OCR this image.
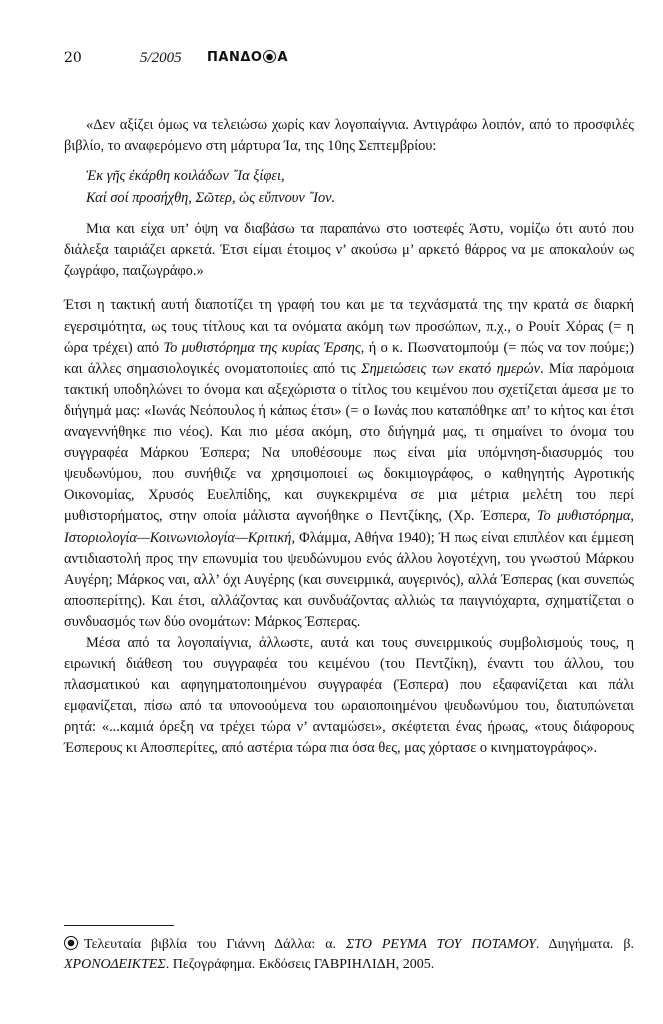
20	5/2005 ΠΑΝΔΟ Α

«Δεν αξίζει όμως να τελειώσω χωρίς καν λογοπαίγνια. Αντιγράφω λοιπόν, από το προσφιλές βιβλίο, το αναφερόμενο στη μάρτυρα Ία, της 10ης Σεπτεμβρίου:

Ἐκ γῆς ἐκάρθη κοιλάδων ῎Ια ξίφει,
Καί σοί προσήχθη, Σῶτερ, ὡς εὔπνουν ῎Ιον.

Μια και είχα υπ’ όψη να διαβάσω τα παραπάνω στο ιοστεφές Άστυ, νομίζω ότι αυτό που διάλεξα ταιριάζει αρκετά. Έτσι είμαι έτοιμος ν’ ακούσω μ’ αρκετό θάρρος να με αποκαλούν ως ζωγράφο, παιζωγράφο.»

Έτσι η τακτική αυτή διαποτίζει τη γραφή του και με τα τεχνάσματά της την κρατά σε διαρκή εγερσιμότητα, ως τους τίτλους και τα ονόματα ακόμη των προσώπων, π.χ., ο Ρουίτ Χόρας (= η ώρα τρέχει) από Το μυθιστόρημα της κυρίας Έρσης, ή ο κ. Πωσνατομπούμ (= πώς να τον πούμε;) και άλλες σημασιολογικές ονοματοποιίες από τις Σημειώσεις των εκατό ημερών. Μία παρόμοια τακτική υποδηλώνει το όνομα και αξεχώριστα ο τίτλος του κειμένου που σχετίζεται άμεσα με το διήγημά μας: «Ιωνάς Νεόπουλος ή κάπως έτσι» (= ο Ιωνάς που καταπόθηκε απ’ το κήτος και έτσι αναγεννήθηκε πιο νέος). Και πιο μέσα ακόμη, στο διήγημά μας, τι σημαίνει το όνομα του συγγραφέα Μάρκου Έσπερα; Να υποθέσουμε πως είναι μία υπόμνηση-διασυρμός του ψευδωνύμου, που συνήθιζε να χρησιμοποιεί ως δοκιμιογράφος, ο καθηγητής Αγροτικής Οικονομίας, Χρυσός Ευελπίδης, και συγκεκριμένα σε μια μέτρια μελέτη του περί μυθιστορήματος, στην οποία μάλιστα αγνοήθηκε ο Πεντζίκης, (Χρ. Έσπερα, Το μυθιστόρημα, Ιστοριολογία—Κοινωνιολογία—Κριτική, Φλάμμα, Αθήνα 1940); Ή πως είναι επιπλέον και έμμεση αντιδιαστολή προς την επωνυμία του ψευδώνυμου ενός άλλου λογοτέχνη, του γνωστού Μάρκου Αυγέρη; Μάρκος ναι, αλλ’ όχι Αυγέρης (και συνειρμικά, αυγερινός), αλλά Έσπερας (και συνεπώς αποσπερίτης). Και έτσι, αλλάζοντας και συνδυάζοντας αλλιώς τα παιγνιόχαρτα, σχηματίζεται ο συνδυασμός των δύο ονομάτων: Μάρκος Έσπερας.

Μέσα από τα λογοπαίγνια, άλλωστε, αυτά και τους συνειρμικούς συμβολισμούς τους, η ειρωνική διάθεση του συγγραφέα του κειμένου (του Πεντζίκη), έναντι του άλλου, του πλασματικού και αφηγηματοποιημένου συγγραφέα (Έσπερα) που εξαφανίζεται και πάλι εμφανίζεται, πίσω από τα υπονοούμενα του ωραιοποιημένου ψευδωνύμου του, διατυπώνεται ρητά: «...καμιά όρεξη να τρέχει τώρα ν’ ανταμώσει», σκέφτεται ένας ήρωας, «τους διάφορους Έσπερους κι Αποσπερίτες, από αστέρια τώρα πια όσα θες, μας χόρτασε ο κινηματογράφος».

Τελευταία βιβλία του Γιάννη Δάλλα: α. ΣΤΟ ΡΕΥΜΑ ΤΟΥ ΠΟΤΑΜΟΥ. Διηγήματα. β. ΧΡΟΝΟΔΕΙΚΤΕΣ. Πεζογράφημα. Εκδόσεις ΓΑΒΡΙΗΛΙΔΗ, 2005.
